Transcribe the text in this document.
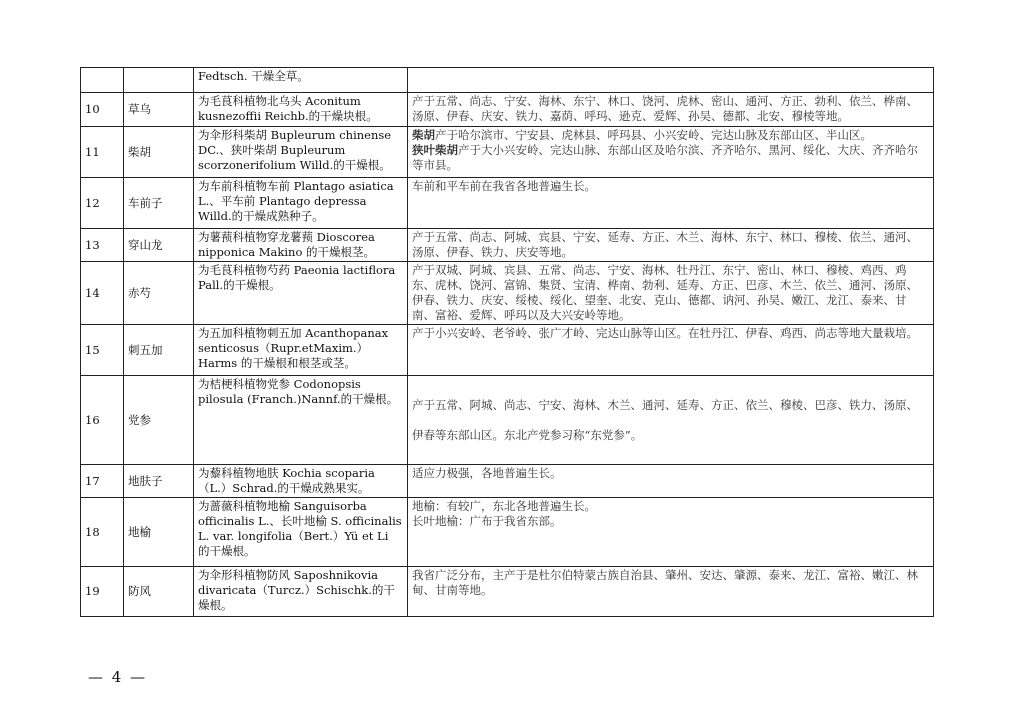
		Fedtsch. 干燥全草。	
10	草乌	为毛茛科植物北乌头 Aconitum kusnezoffii Reichb.的干燥块根。	产于五常、尚志、宁安、海林、东宁、林口、饶河、虎林、密山、通河、方正、勃利、依兰、桦南、汤原、伊春、庆安、铁力、嘉荫、呼玛、逊克、爱辉、孙吴、德都、北安、穆棱等地。
11	柴胡	为伞形科柴胡 Bupleurum chinense DC.、狭叶柴胡 Bupleurum scorzonerifolium Willd.的干燥根。	柴胡产于哈尔滨市、宁安县、虎林县、呼玛县、小兴安岭、完达山脉及东部山区、半山区。
狭叶柴胡产于大小兴安岭、完达山脉、东部山区及哈尔滨、齐齐哈尔、黑河、绥化、大庆、齐齐哈尔等市县。
12	车前子	为车前科植物车前 Plantago asiatica L.、平车前 Plantago depressa Willd.的干燥成熟种子。	车前和平车前在我省各地普遍生长。
13	穿山龙	为薯蓣科植物穿龙薯蓣 Dioscorea nipponica Makino 的干燥根茎。	产于五常、尚志、阿城、宾县、宁安、延寿、方正、木兰、海林、东宁、林口、穆棱、依兰、通河、汤原、伊春、铁力、庆安等地。
14	赤芍	为毛茛科植物芍药 Paeonia lactiflora Pall.的干燥根。	产于双城、阿城、宾县、五常、尚志、宁安、海林、牡丹江、东宁、密山、林口、穆棱、鸡西、鸡东、虎林、饶河、富锦、集贤、宝清、桦南、勃利、延寿、方正、巴彦、木兰、依兰、通河、汤原、伊春、铁力、庆安、绥棱、绥化、望奎、北安、克山、德都、讷河、孙吴、嫩江、龙江、泰来、甘南、富裕、爱辉、呼玛以及大兴安岭等地。
15	刺五加	为五加科植物刺五加 Acanthopanax senticosus（Rupr.etMaxim.）Harms 的干燥根和根茎或茎。	产于小兴安岭、老爷岭、张广才岭、完达山脉等山区。在牡丹江、伊春、鸡西、尚志等地大量栽培。
16	党参	为桔梗科植物党参 Codonopsis pilosula (Franch.)Nannf.的干燥根。	产于五常、阿城、尚志、宁安、海林、木兰、通河、延寿、方正、依兰、穆棱、巴彦、铁力、汤原、伊春等东部山区。东北产党参习称“东党参”。
17	地肤子	为藜科植物地肤 Kochia scoparia（L.）Schrad.的干燥成熟果实。	适应力极强，各地普遍生长。
18	地榆	为蔷薇科植物地榆 Sanguisorba officinalis L.、长叶地榆 S. officinalis L. var. longifolia（Bert.）Yü et Li 的干燥根。	地榆：有较广，东北各地普遍生长。
长叶地榆：广布于我省东部。
19	防风	为伞形科植物防风 Saposhnikovia divaricata（Turcz.）Schischk.的干燥根。	我省广泛分布，主产于是杜尔伯特蒙古族自治县、肇州、安达、肇源、泰来、龙江、富裕、嫩江、林甸、甘南等地。
— 4 —
